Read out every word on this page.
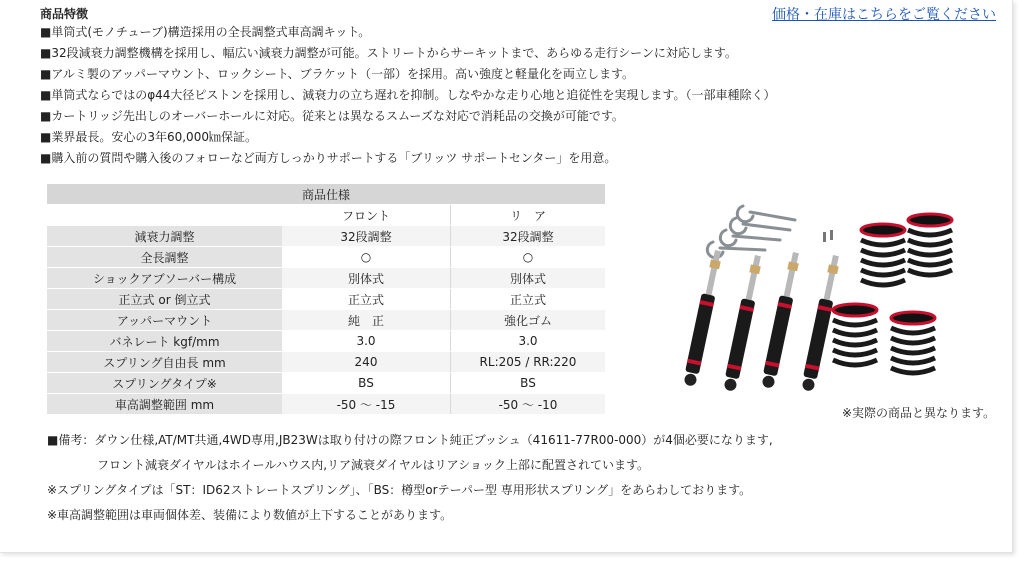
商品特徴	価格・在庫はこちらをご覧ください
■単筒式(モノチューブ)構造採用の全長調整式車高調キット。
■32段減衰力調整機構を採用し、幅広い減衰力調整が可能。ストリートからサーキットまで、あらゆる走行シーンに対応します。
■アルミ製のアッパーマウント、ロックシート、ブラケット（一部）を採用。高い強度と軽量化を両立します。
■単筒式ならではのφ44大径ピストンを採用し、減衰力の立ち遅れを抑制。しなやかな走り心地と追従性を実現します。（一部車種除く）
■カートリッジ先出しのオーバーホールに対応。従来とは異なるスムーズな対応で消耗品の交換が可能です。
■業界最長。安心の3年60,000㎞保証。
■購入前の質問や購入後のフォローなど両方しっかりサポートする「ブリッツ サポートセンター」を用意。
商品仕様		
	フロント	リ　ア
減衰力調整	32段調整	32段調整
全長調整	○	○
ショックアブソーバー構成	別体式	別体式
正立式 or 倒立式	正立式	正立式
アッパーマウント	純　正	強化ゴム
バネレート kgf/mm	3.0	3.0
スプリング自由長 mm	240	RL:205 / RR:220
スプリングタイプ※	BS	BS
車高調整範囲 mm	-50 ～ -15	-50 ～ -10
※実際の商品と異なります。
■備考：ダウン仕様,AT/MT共通,4WD専用,JB23Wは取り付けの際フロント純正ブッシュ（41611-77R00-000）が4個必要になります,
フロント減衰ダイヤルはホイールハウス内,リア減衰ダイヤルはリアショック上部に配置されています。
※スプリングタイプは「ST：ID62ストレートスプリング」、「BS：樽型orテーパー型 専用形状スプリング」をあらわしております。
※車高調整範囲は車両個体差、装備により数値が上下することがあります。
